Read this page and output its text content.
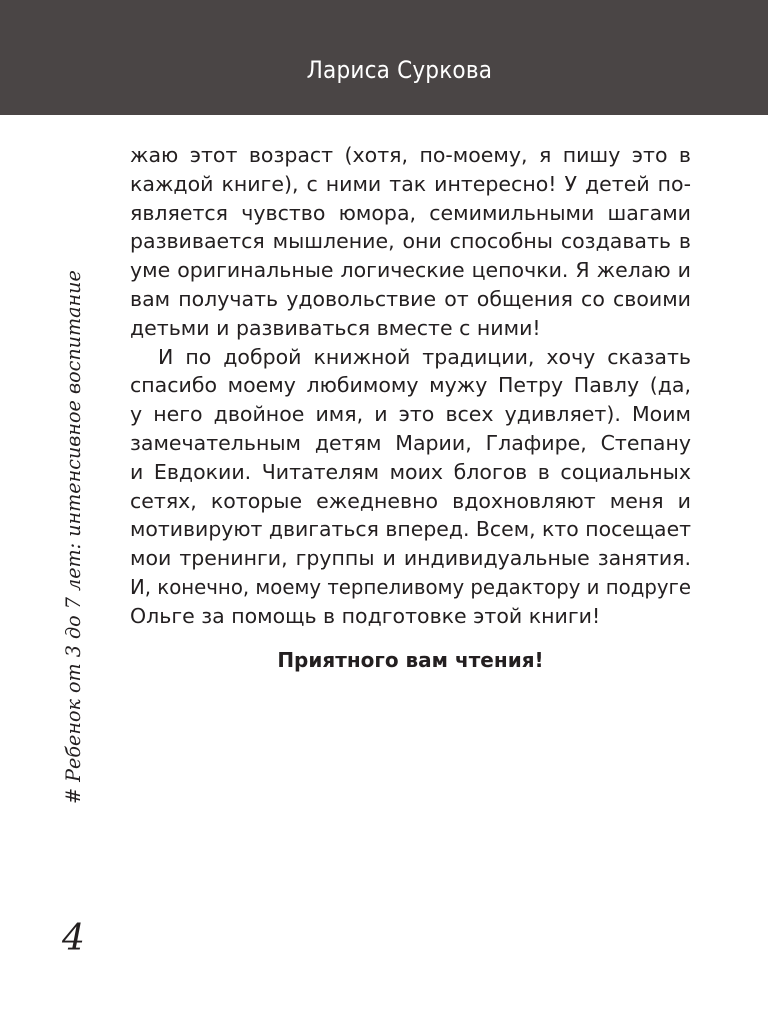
Лариса Суркова

жаю этот возраст (хотя, по-моему, я пишу это в
каждой книге), с ними так интересно! У детей по-
является чувство юмора, семимильными шагами
развивается мышление, они способны создавать в
уме оригинальные логические цепочки. Я желаю и
вам получать удовольствие от общения со своими
детьми и развиваться вместе с ними!

И по доброй книжной традиции, хочу сказать
спасибо моему любимому мужу Петру Павлу (да,
у него двойное имя, и это всех удивляет). Моим
замечательным детям Марии, Глафире, Степану
и Евдокии. Читателям моих блогов в социальных
сетях, которые ежедневно вдохновляют меня и
мотивируют двигаться вперед. Всем, кто посещает
мои тренинги, группы и индивидуальные занятия.
И, конечно, моему терпеливому редактору и подруге
Ольге за помощь в подготовке этой книги!

Приятного вам чтения!
# Ребенок от 3 до 7 лет: интенсивное воспитание
4
